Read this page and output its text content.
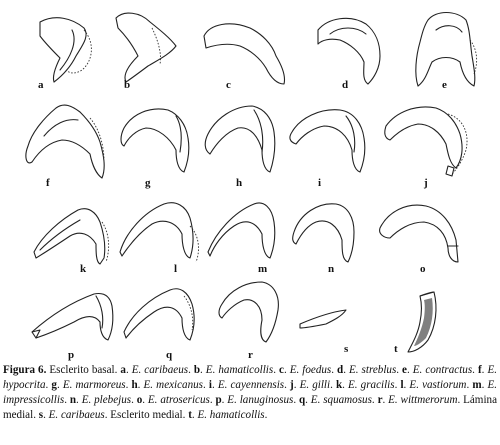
a	b	c	d	e
f	g	h	i	j
k	l	m	n	o
p	q	r	s	t
Figura 6. Esclerito basal. a. E. caribaeus. b. E. hamaticollis. c. E. foedus. d. E. streblus. e. E. contractus. f. E. hypocrita. g. E. marmoreus. h. E. mexicanus. i. E. cayennensis. j. E. gilli. k. E. gracilis. l. E. vastiorum. m. E. impressicollis. n. E. plebejus. o. E. atrosericus. p. E. lanuginosus. q. E. squamosus. r. E. wittmerorum. Lámina medial. s. E. caribaeus. Esclerito medial. t. E. hamaticollis.
